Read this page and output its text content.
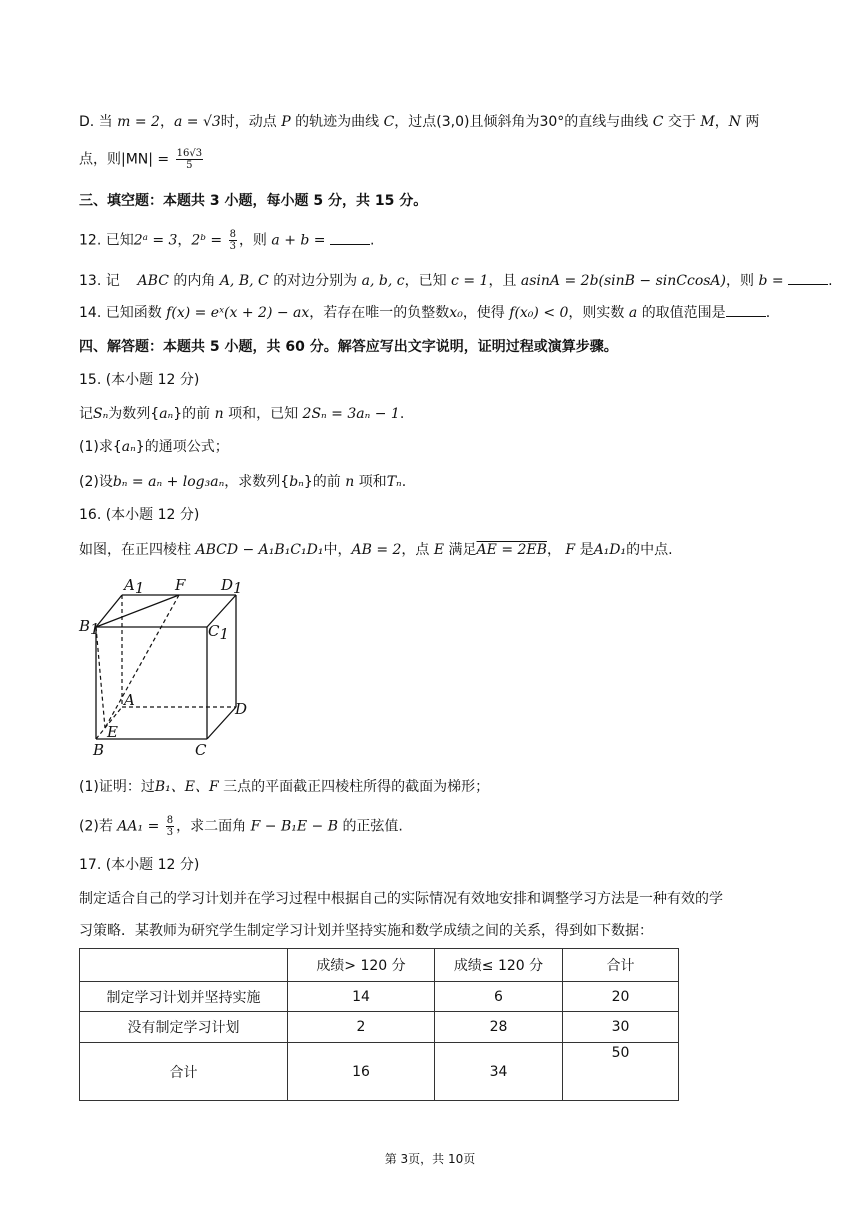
D. 当 m = 2，a = √3时，动点 P 的轨迹为曲线 C，过点(3,0)且倾斜角为30°的直线与曲线 C 交于 M，N 两
点，则$|MN| = \frac{16√3}{5}$
三、填空题：本题共 3 小题，每小题 5 分，共 15 分。
12. 已知2ᵃ = 3，2ᵇ = $\frac{8}{3}$ ，则 a + b =	.
13. 记 ABC 的内角 A, B, C 的对边分别为 a, b, c，已知 c = 1，且 asinA = 2b(sinB − sinCcosA)，则 b =	.
14. 已知函数 f(x) = eˣ(x + 2) − ax，若存在唯一的负整数x₀，使得 f(x₀) < 0，则实数 a 的取值范围是	.
四、解答题：本题共 5 小题，共 60 分。解答应写出文字说明，证明过程或演算步骤。
15. (本小题 12 分)
记Sₙ为数列{aₙ}的前 n 项和，已知 2Sₙ = 3aₙ − 1.
(1)求{aₙ}的通项公式；
(2)设bₙ = aₙ + log₃aₙ，求数列{bₙ}的前 n 项和Tₙ.
16. (本小题 12 分)
如图，在正四棱柱 ABCD − A₁B₁C₁D₁中，AB = 2，点 E 满足AE = 2EB， F 是A₁D₁的中点.
A1 F D1
B1	C1
A	D
E
B	C
(1)证明：过B₁、E、F 三点的平面截正四棱柱所得的截面为梯形；
(2)若 $AA_1 = \frac{8}{3}$ ，求二面角 F − B₁E − B 的正弦值.
17. (本小题 12 分)
制定适合自己的学习计划并在学习过程中根据自己的实际情况有效地安排和调整学习方法是一种有效的学
习策略．某教师为研究学生制定学习计划并坚持实施和数学成绩之间的关系，得到如下数据：
	成绩> 120 分	成绩≤ 120 分	合计
制定学习计划并坚持实施	14	6	20
没有制定学习计划	2	28	30
合计	16	34	50
第 3页，共 10页
